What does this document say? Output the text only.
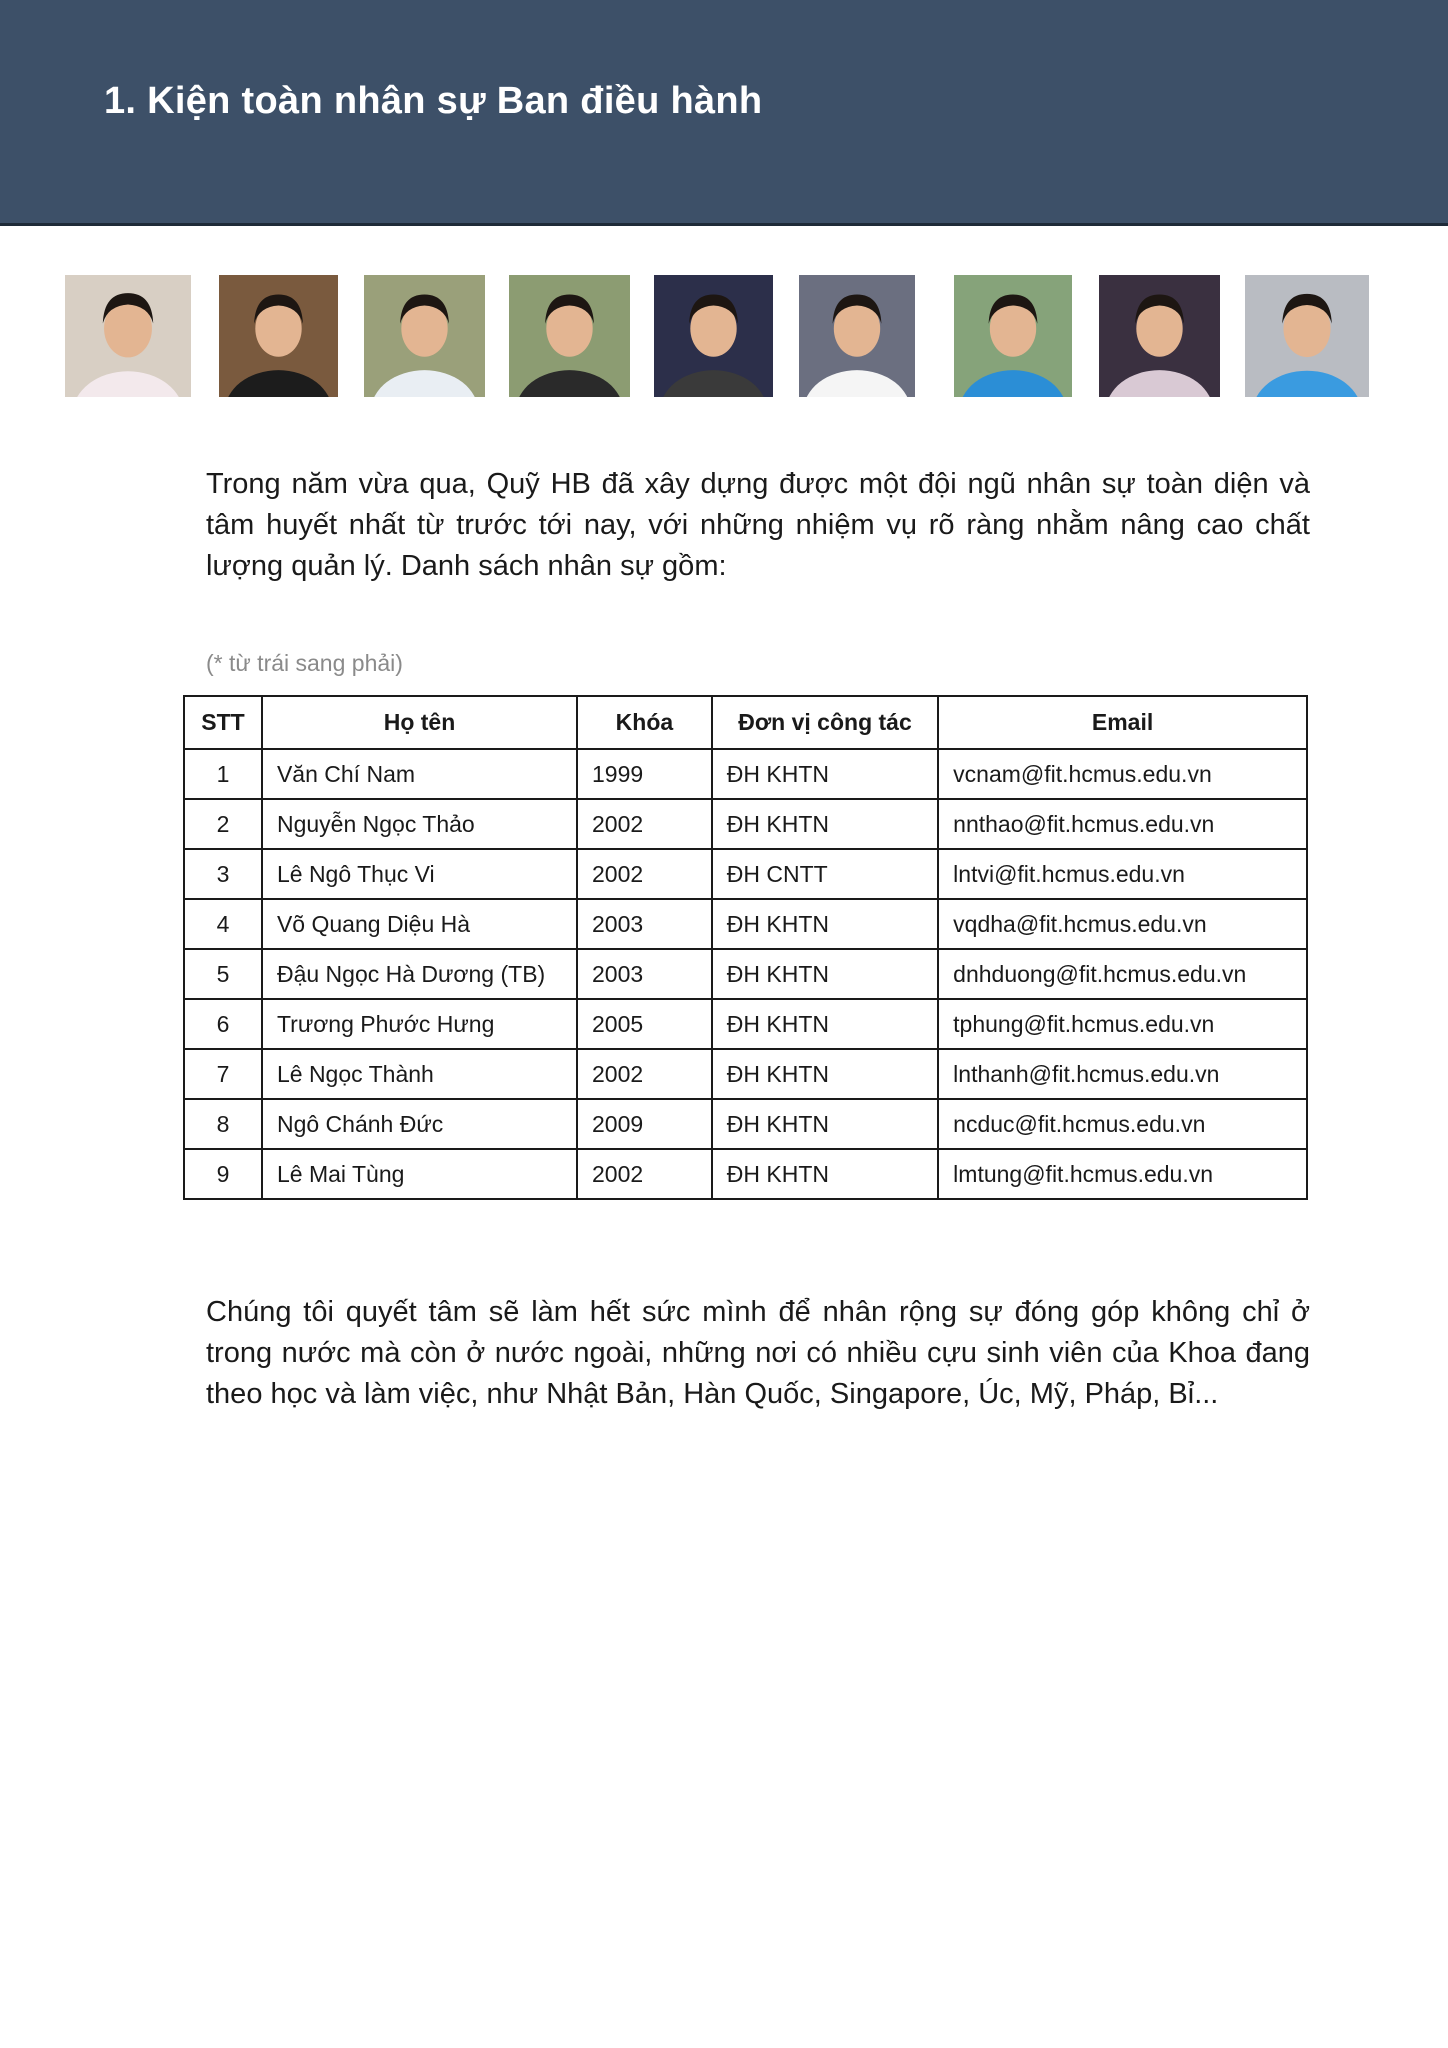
1. Kiện toàn nhân sự Ban điều hành

Trong năm vừa qua, Quỹ HB đã xây dựng được một đội ngũ nhân sự toàn diện và tâm huyết nhất từ trước tới nay, với những nhiệm vụ rõ ràng nhằm nâng cao chất lượng quản lý. Danh sách nhân sự gồm:

(* từ trái sang phải)

STT	Họ tên	Khóa	Đơn vị công tác	Email
1	Văn Chí Nam	1999	ĐH KHTN	vcnam@fit.hcmus.edu.vn
2	Nguyễn Ngọc Thảo	2002	ĐH KHTN	nnthao@fit.hcmus.edu.vn
3	Lê Ngô Thục Vi	2002	ĐH CNTT	lntvi@fit.hcmus.edu.vn
4	Võ Quang Diệu Hà	2003	ĐH KHTN	vqdha@fit.hcmus.edu.vn
5	Đậu Ngọc Hà Dương (TB)	2003	ĐH KHTN	dnhduong@fit.hcmus.edu.vn
6	Trương Phước Hưng	2005	ĐH KHTN	tphung@fit.hcmus.edu.vn
7	Lê Ngọc Thành	2002	ĐH KHTN	lnthanh@fit.hcmus.edu.vn
8	Ngô Chánh Đức	2009	ĐH KHTN	ncduc@fit.hcmus.edu.vn
9	Lê Mai Tùng	2002	ĐH KHTN	lmtung@fit.hcmus.edu.vn

Chúng tôi quyết tâm sẽ làm hết sức mình để nhân rộng sự đóng góp không chỉ ở trong nước mà còn ở nước ngoài, những nơi có nhiều cựu sinh viên của Khoa đang theo học và làm việc, như Nhật Bản, Hàn Quốc, Singapore, Úc, Mỹ, Pháp, Bỉ...
